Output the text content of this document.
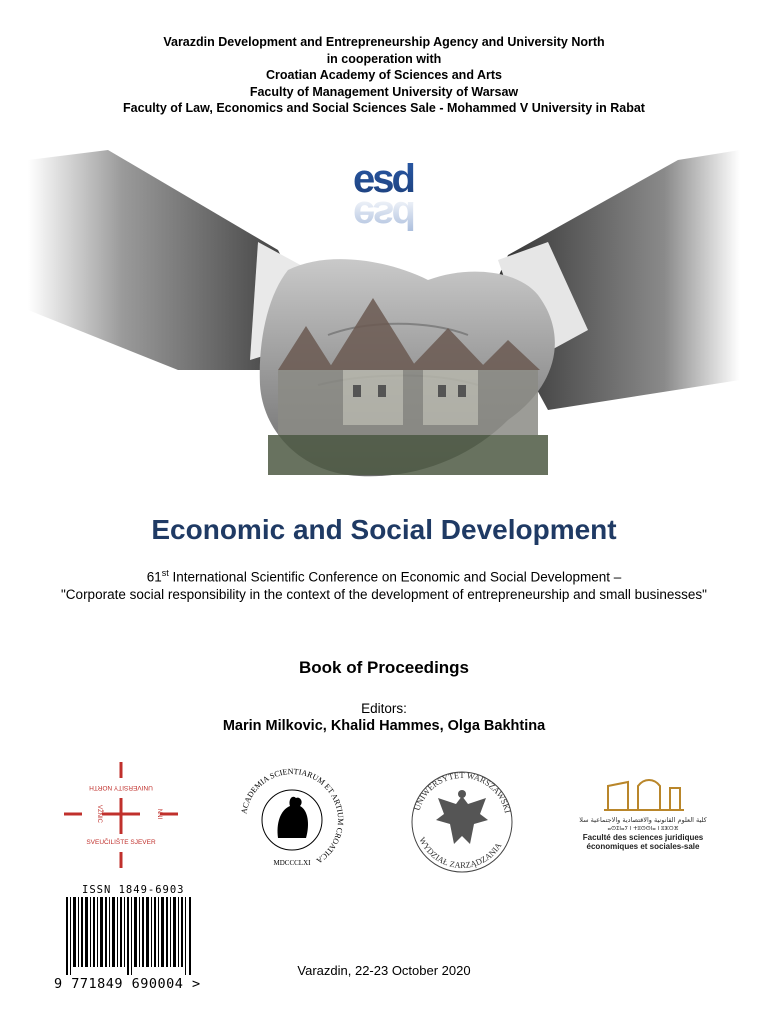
Varazdin Development and Entrepreneurship Agency and University North
in cooperation with
Croatian Academy of Sciences and Arts
Faculty of Management University of Warsaw
Faculty of Law, Economics and Social Sciences Sale - Mohammed V University in Rabat
esd
esd
Economic and Social Development
61st International Scientific Conference on Economic and Social Development –
"Corporate social responsibility in the context of the development of entrepreneurship and small businesses"
Book of Proceedings
Editors:
Marin Milkovic, Khalid Hammes, Olga Bakhtina
UNIVERSITY NORTH
SVEUČILIŠTE SJEVER
VŽNIC	NNI	ACADEMIA SCIENTIARUM ET ARTIUM CROATICA
MDCCCLXI
UNIWERSYTET WARSZAWSKI
WYDZIAŁ ZARZĄDZANIA
كلية العلوم القانونية والاقتصادية والاجتماعية سلا
ⴰⵙⵉⵏⴰⵢ ⵏ ⵜⵓⵙⵙⵏⴰ ⵏ ⵓⵣⵔⴼ
Faculté des sciences juridiques
économiques et sociales-sale
ISSN 1849-6903
9 771849 690004 >
Varazdin, 22-23 October 2020
